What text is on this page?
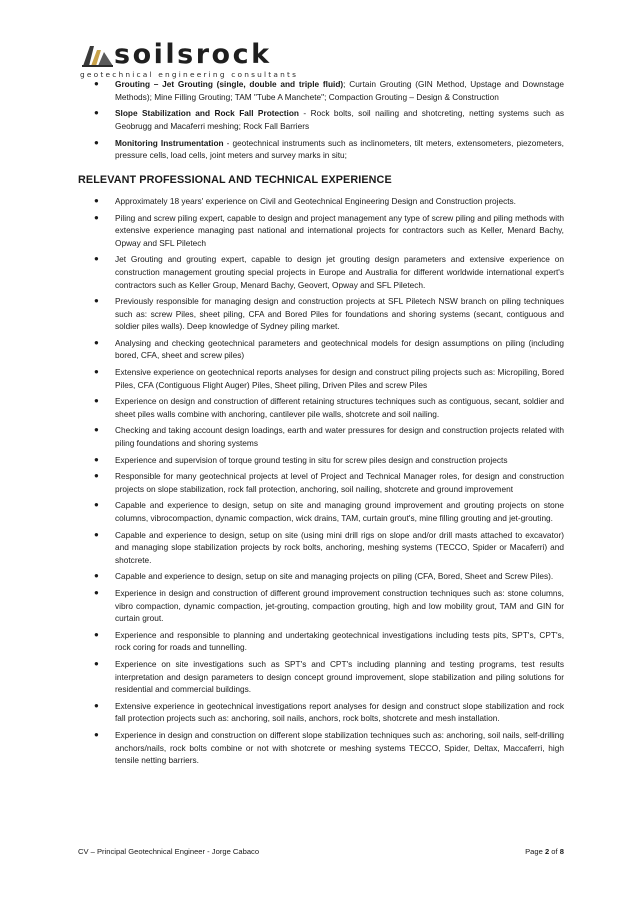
soilsrock
geotechnical engineering consultants
● Grouting – Jet Grouting (single, double and triple fluid); Curtain Grouting (GIN Method, Upstage and Downstage Methods); Mine Filling Grouting; TAM "Tube A Manchete"; Compaction Grouting – Design & Construction
● Slope Stabilization and Rock Fall Protection - Rock bolts, soil nailing and shotcreting, netting systems such as Geobrugg and Macaferri meshing; Rock Fall Barriers
● Monitoring Instrumentation - geotechnical instruments such as inclinometers, tilt meters, extensometers, piezometers, pressure cells, load cells, joint meters and survey marks in situ;
RELEVANT PROFESSIONAL AND TECHNICAL EXPERIENCE
● Approximately 18 years' experience on Civil and Geotechnical Engineering Design and Construction projects.
● Piling and screw piling expert, capable to design and project management any type of screw piling and piling methods with extensive experience managing past national and international projects for contractors such as Keller, Menard Bachy, Opway and SFL Piletech
● Jet Grouting and grouting expert, capable to design jet grouting design parameters and extensive experience on construction management grouting special projects in Europe and Australia for different worldwide international expert's contractors such as Keller Group, Menard Bachy, Geovert, Opway and SFL Piletech.
● Previously responsible for managing design and construction projects at SFL Piletech NSW branch on piling techniques such as: screw Piles, sheet piling, CFA and Bored Piles for foundations and shoring systems (secant, contiguous and soldier piles walls). Deep knowledge of Sydney piling market.
● Analysing and checking geotechnical parameters and geotechnical models for design assumptions on piling (including bored, CFA, sheet and screw piles)
● Extensive experience on geotechnical reports analyses for design and construct piling projects such as: Micropiling, Bored Piles, CFA (Contiguous Flight Auger) Piles, Sheet piling, Driven Piles and screw Piles
● Experience on design and construction of different retaining structures techniques such as contiguous, secant, soldier and sheet piles walls combine with anchoring, cantilever pile walls, shotcrete and soil nailing.
● Checking and taking account design loadings, earth and water pressures for design and construction projects related with piling foundations and shoring systems
● Experience and supervision of torque ground testing in situ for screw piles design and construction projects
● Responsible for many geotechnical projects at level of Project and Technical Manager roles, for design and construction projects on slope stabilization, rock fall protection, anchoring, soil nailing, shotcrete and ground improvement
● Capable and experience to design, setup on site and managing ground improvement and grouting projects on stone columns, vibrocompaction, dynamic compaction, wick drains, TAM, curtain grout's, mine filling grouting and jet-grouting.
● Capable and experience to design, setup on site (using mini drill rigs on slope and/or drill masts attached to excavator) and managing slope stabilization projects by rock bolts, anchoring, meshing systems (TECCO, Spider or Macaferri) and shotcrete.
● Capable and experience to design, setup on site and managing projects on piling (CFA, Bored, Sheet and Screw Piles).
● Experience in design and construction of different ground improvement construction techniques such as: stone columns, vibro compaction, dynamic compaction, jet-grouting, compaction grouting, high and low mobility grout, TAM and GIN for curtain grout.
● Experience and responsible to planning and undertaking geotechnical investigations including tests pits, SPT's, CPT's, rock coring for roads and tunnelling.
● Experience on site investigations such as SPT's and CPT's including planning and testing programs, test results interpretation and design parameters to design concept ground improvement, slope stabilization and piling solutions for residential and commercial buildings.
● Extensive experience in geotechnical investigations report analyses for design and construct slope stabilization and rock fall protection projects such as: anchoring, soil nails, anchors, rock bolts, shotcrete and mesh installation.
● Experience in design and construction on different slope stabilization techniques such as: anchoring, soil nails, self-drilling anchors/nails, rock bolts combine or not with shotcrete or meshing systems TECCO, Spider, Deltax, Maccaferri, high tensile netting barriers.
CV – Principal Geotechnical Engineer - Jorge Cabaco	Page 2 of 8
